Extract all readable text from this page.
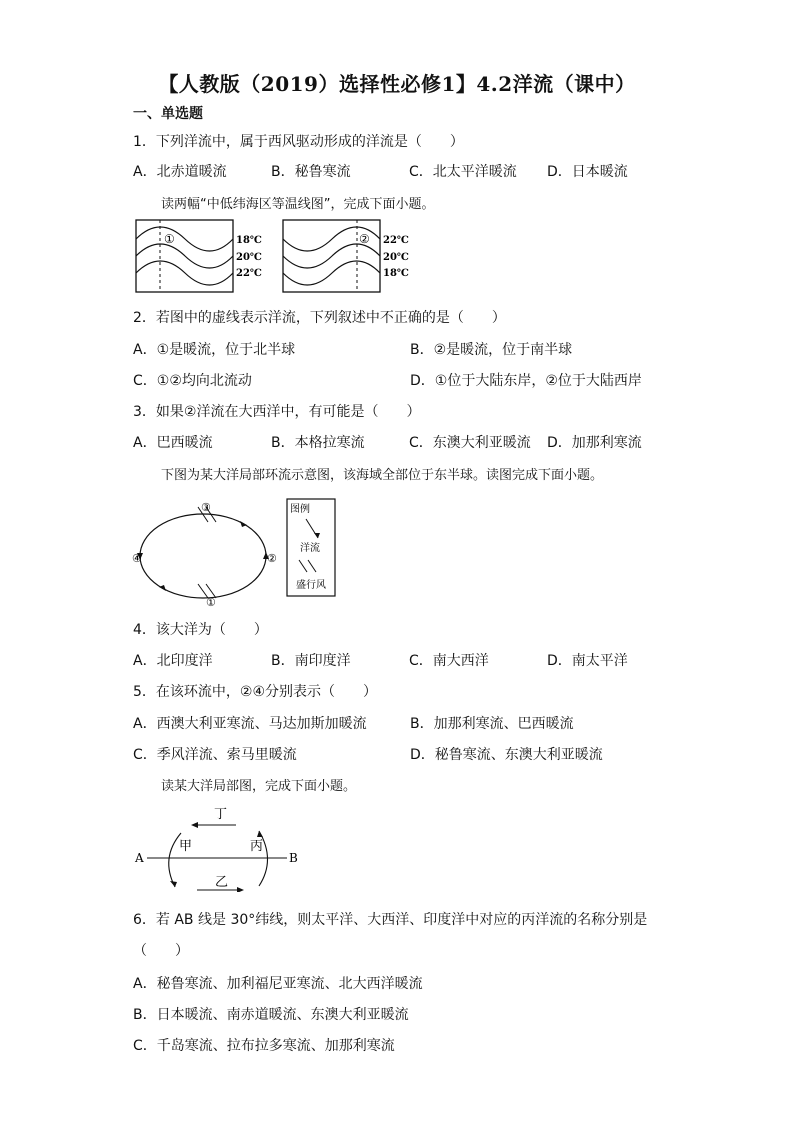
【人教版（2019）选择性必修1】4.2洋流（课中）
一、单选题
1．下列洋流中，属于西风驱动形成的洋流是（　　）
A．北赤道暖流	B．秘鲁寒流	C．北太平洋暖流 D．日本暖流
读两幅“中低纬海区等温线图”，完成下面小题。
①	18℃
20℃
22℃
② 22℃
20℃
18℃
2．若图中的虚线表示洋流，下列叙述中不正确的是（　　）
A．①是暖流，位于北半球	B．②是暖流，位于南半球
C．①②均向北流动	D．①位于大陆东岸，②位于大陆西岸
3．如果②洋流在大西洋中，有可能是（　　）
A．巴西暖流	B．本格拉寒流	C．东澳大利亚暖流 D．加那利寒流
下图为某大洋局部环流示意图，该海域全部位于东半球。读图完成下面小题。
③
④	②
①
图例
洋流
盛行风
4．该大洋为（　　）
A．北印度洋	B．南印度洋	C．南大西洋	D．南太平洋
5．在该环流中，②④分别表示（　　）
A．西澳大利亚寒流、马达加斯加暖流	B．加那利寒流、巴西暖流
C．季风洋流、索马里暖流	D．秘鲁寒流、东澳大利亚暖流
读某大洋局部图，完成下面小题。
A	B
丁
甲	丙
乙
6．若 AB 线是 30°纬线，则太平洋、大西洋、印度洋中对应的丙洋流的名称分别是
（　　）
A．秘鲁寒流、加利福尼亚寒流、北大西洋暖流
B．日本暖流、南赤道暖流、东澳大利亚暖流
C．千岛寒流、拉布拉多寒流、加那利寒流
